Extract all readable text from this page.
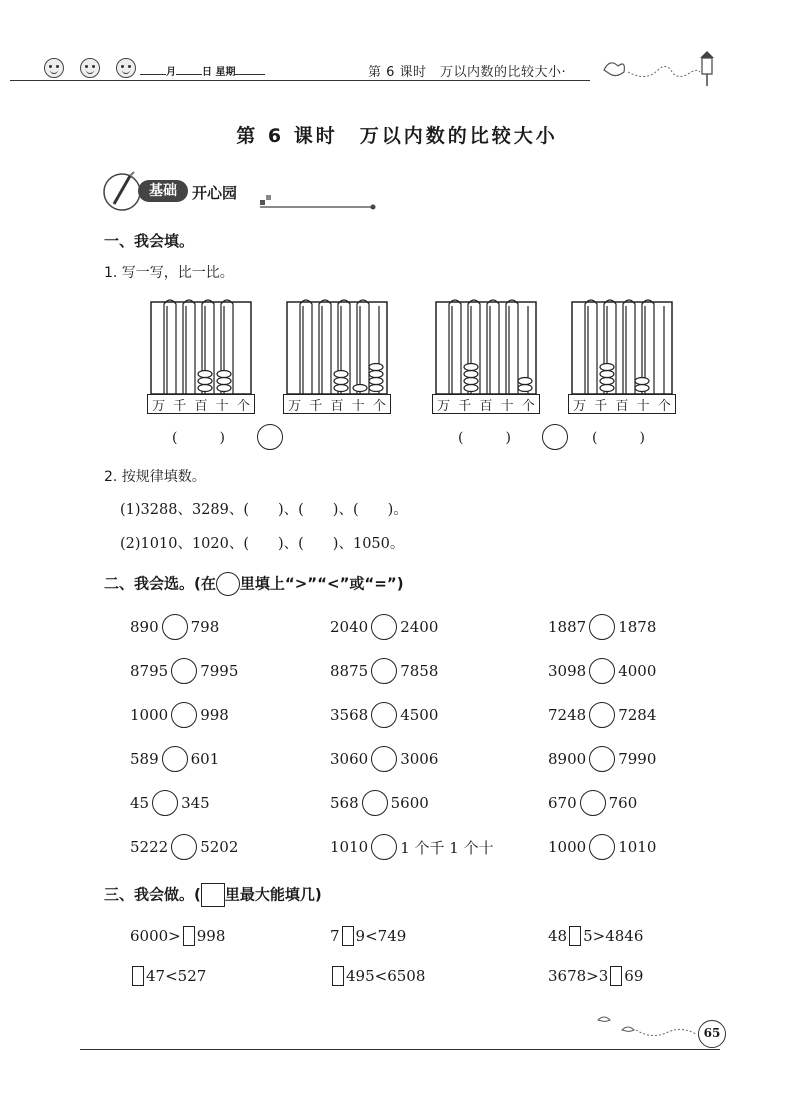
月	日 星期	第 6 课时　万以内数的比较大小·
第 6 课时　万以内数的比较大小
基础	开心园
一、我会填。
1. 写一写，比一比。
万 千 百 十 个	万 千 百 十 个	万 千 百 十 个	万 千 百 十 个
(　　　)	(　　　)	(　　　)
2. 按规律填数。
(1)3288、3289、(　　)、(　　)、(　　)。
(2)1010、1020、(　　)、(　　)、1050。
二、我会选。(在 里填上“>”“<”或“=”)
890 798	2040 2400	1887 1878
8795 7995	8875 7858	3098 4000
1000 998	3568 4500	7248 7284
589 601	3060 3006	8900 7990
45 345	568 5600	670 760
5222 5202	1010 1 个千 1 个十	1000 1010
三、我会做。( 里最大能填几)
6000> 998	7 9<749	48 5>4846
47<527	495<6508	3678>3 69
65
